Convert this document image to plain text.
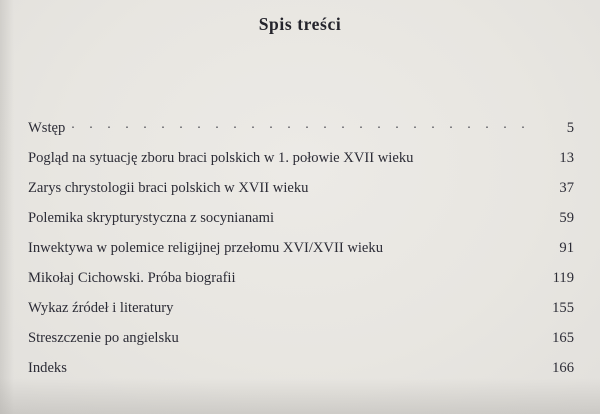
Spis treści
Wstęp . . .	5
Pogląd na sytuację zboru braci polskich w 1. połowie XVII wieku	13
Zarys chrystologii braci polskich w XVII wieku	37
Polemika skrypturystyczna z socynianami	59
Inwektywa w polemice religijnej przełomu XVI/XVII wieku	91
Mikołaj Cichowski. Próba biografii	119
Wykaz źródeł i literatury	155
Streszczenie po angielsku	165
Indeks	166
